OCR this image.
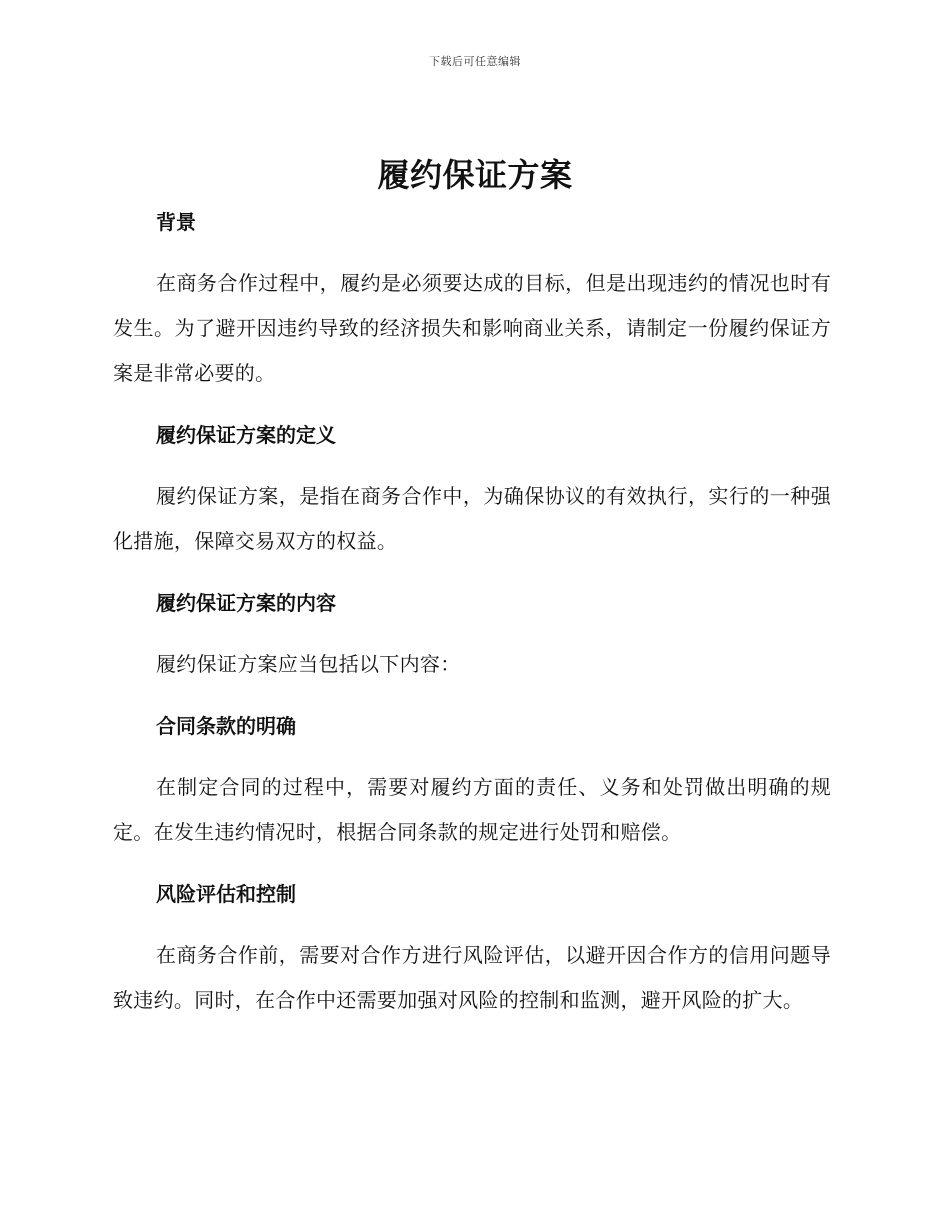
下载后可任意编辑
履约保证方案
背景

在商务合作过程中，履约是必须要达成的目标，但是出现违约的情况也时有发生。为了避开因违约导致的经济损失和影响商业关系，请制定一份履约保证方案是非常必要的。

履约保证方案的定义

履约保证方案，是指在商务合作中，为确保协议的有效执行，实行的一种强化措施，保障交易双方的权益。

履约保证方案的内容

履约保证方案应当包括以下内容：

合同条款的明确

在制定合同的过程中，需要对履约方面的责任、义务和处罚做出明确的规定。在发生违约情况时，根据合同条款的规定进行处罚和赔偿。

风险评估和控制

在商务合作前，需要对合作方进行风险评估，以避开因合作方的信用问题导致违约。同时，在合作中还需要加强对风险的控制和监测，避开风险的扩大。
